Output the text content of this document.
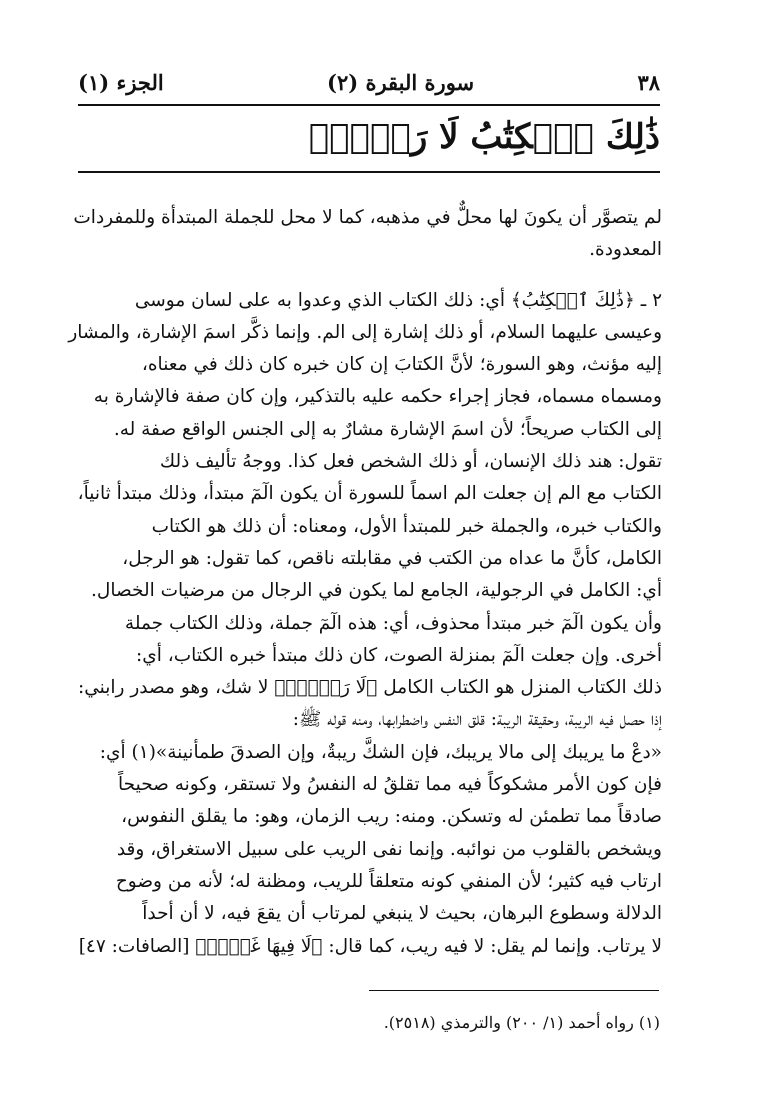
٣٨
سورة البقرة (٢)
الجزء (١)
ذَٰلِكَ ٱلۡكِتَٰبُ لَا رَيۡبَۛ
لم يتصوَّر أن يكونَ لها محلٌّ في مذهبه، كما لا محل للجملة المبتدأة وللمفردات
المعدودة.
٢ ـ ﴿ذَٰلِكَ ٱلۡكِتَٰبُ﴾ أي: ذلك الكتاب الذي وعدوا به على لسان موسى
وعيسى عليهما السلام، أو ذلك إشارة إلى الم. وإنما ذكَّر اسمَ الإشارة، والمشار
إليه مؤنث، وهو السورة؛ لأنَّ الكتابَ إن كان خبره كان ذلك في معناه،
ومسماه مسماه، فجاز إجراء حكمه عليه بالتذكير، وإن كان صفة فالإشارة به
إلى الكتاب صريحاً؛ لأن اسمَ الإشارة مشارٌ به إلى الجنس الواقع صفة له.
تقول: هند ذلك الإنسان، أو ذلك الشخص فعل كذا. ووجهُ تأليف ذلك
الكتاب مع الم إن جعلت الم اسماً للسورة أن يكون الٓمٓ مبتدأ، وذلك مبتدأ ثانياً،
والكتاب خبره، والجملة خبر للمبتدأ الأول، ومعناه: أن ذلك هو الكتاب
الكامل، كأنَّ ما عداه من الكتب في مقابلته ناقص، كما تقول: هو الرجل،
أي: الكامل في الرجولية، الجامع لما يكون في الرجال من مرضيات الخصال.
وأن يكون الٓمٓ خبر مبتدأ محذوف، أي: هذه الٓمٓ جملة، وذلك الكتاب جملة
أخرى. وإن جعلت الٓمٓ بمنزلة الصوت، كان ذلك مبتدأ خبره الكتاب، أي:
ذلك الكتاب المنزل هو الكتاب الكامل ﴿لَا رَيۡبَۛ﴾ لا شك، وهو مصدر رابني:
إذا حصل فيه الريبة، وحقيقة الريبة: قلق النفس واضطرابها، ومنه قوله ﷺ:
«دعْ ما يريبك إلى مالا يريبك، فإن الشكَّ ريبةٌ، وإن الصدقَ طمأنينة»(١) أي:
فإن كون الأمر مشكوكاً فيه مما تقلقُ له النفسُ ولا تستقر، وكونه صحيحاً
صادقاً مما تطمئن له وتسكن. ومنه: ريب الزمان، وهو: ما يقلق النفوس،
ويشخص بالقلوب من نوائبه. وإنما نفى الريب على سبيل الاستغراق، وقد
ارتاب فيه كثير؛ لأن المنفي كونه متعلقاً للريب، ومظنة له؛ لأنه من وضوح
الدلالة وسطوع البرهان، بحيث لا ينبغي لمرتاب أن يقعَ فيه، لا أن أحداً
لا يرتاب. وإنما لم يقل: لا فيه ريب، كما قال: ﴿لَا فِيهَا غَوۡلٞ﴾ [الصافات: ٤٧]
(١) رواه أحمد (١/ ٢٠٠) والترمذي (٢٥١٨).
